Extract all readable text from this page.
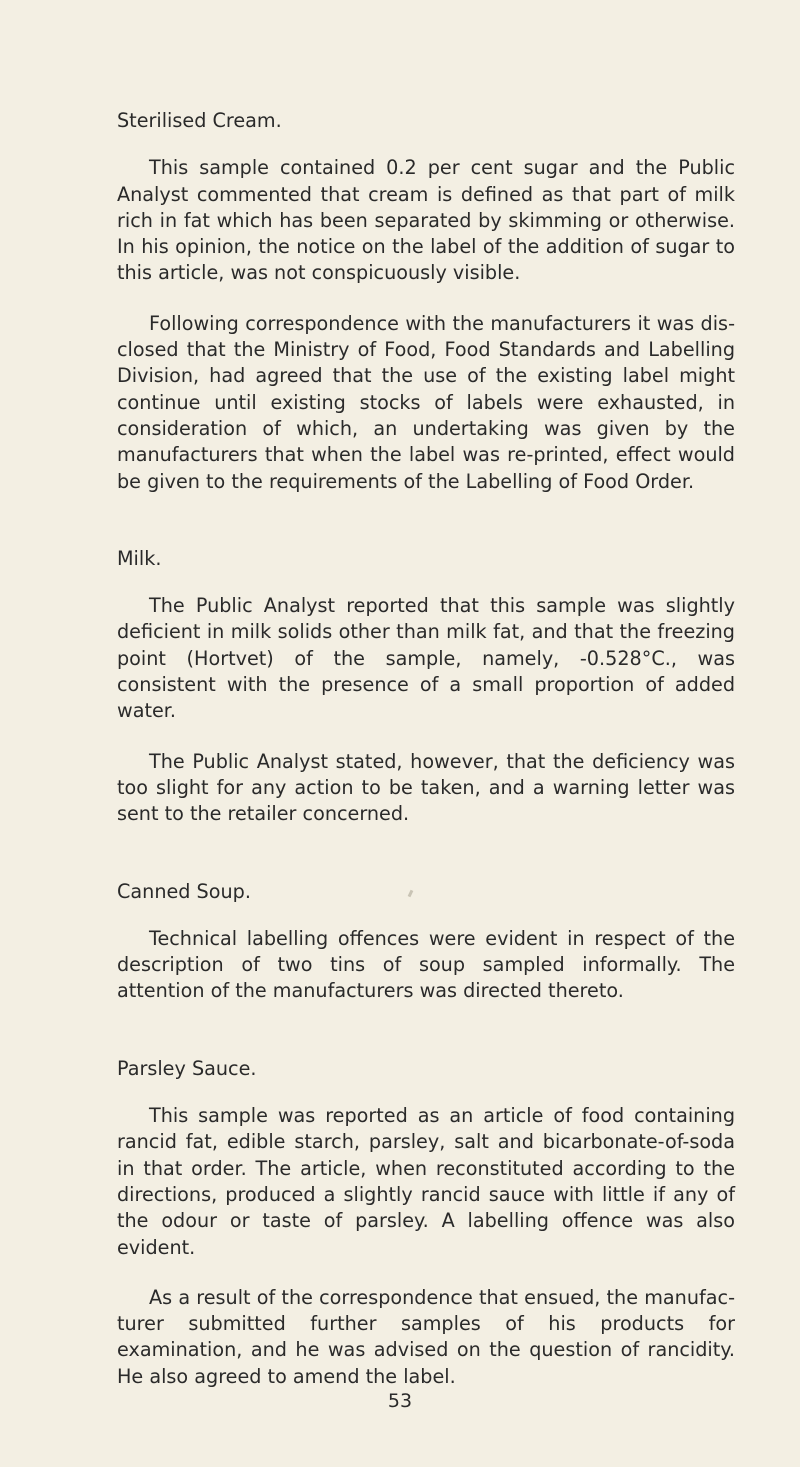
Sterilised Cream.

This sample contained 0.2 per cent sugar and the Public Analyst commented that cream is defined as that part of milk rich in fat which has been separated by skimming or otherwise. In his opinion, the notice on the label of the addition of sugar to this article, was not conspicuously visible.

Following correspondence with the manufacturers it was disclosed that the Ministry of Food, Food Standards and Labelling Division, had agreed that the use of the existing label might continue until existing stocks of labels were exhausted, in consideration of which, an undertaking was given by the manufacturers that when the label was re-printed, effect would be given to the requirements of the Labelling of Food Order.

Milk.

The Public Analyst reported that this sample was slightly deficient in milk solids other than milk fat, and that the freezing point (Hortvet) of the sample, namely, -0.528°C., was consistent with the presence of a small proportion of added water.

The Public Analyst stated, however, that the deficiency was too slight for any action to be taken, and a warning letter was sent to the retailer concerned.

Canned Soup.

Technical labelling offences were evident in respect of the description of two tins of soup sampled informally. The attention of the manufacturers was directed thereto.

Parsley Sauce.

This sample was reported as an article of food containing rancid fat, edible starch, parsley, salt and bicarbonate-of-soda in that order. The article, when reconstituted according to the directions, produced a slightly rancid sauce with little if any of the odour or taste of parsley. A labelling offence was also evident.

As a result of the correspondence that ensued, the manufacturer submitted further samples of his products for examination, and he was advised on the question of rancidity. He also agreed to amend the label.

53
